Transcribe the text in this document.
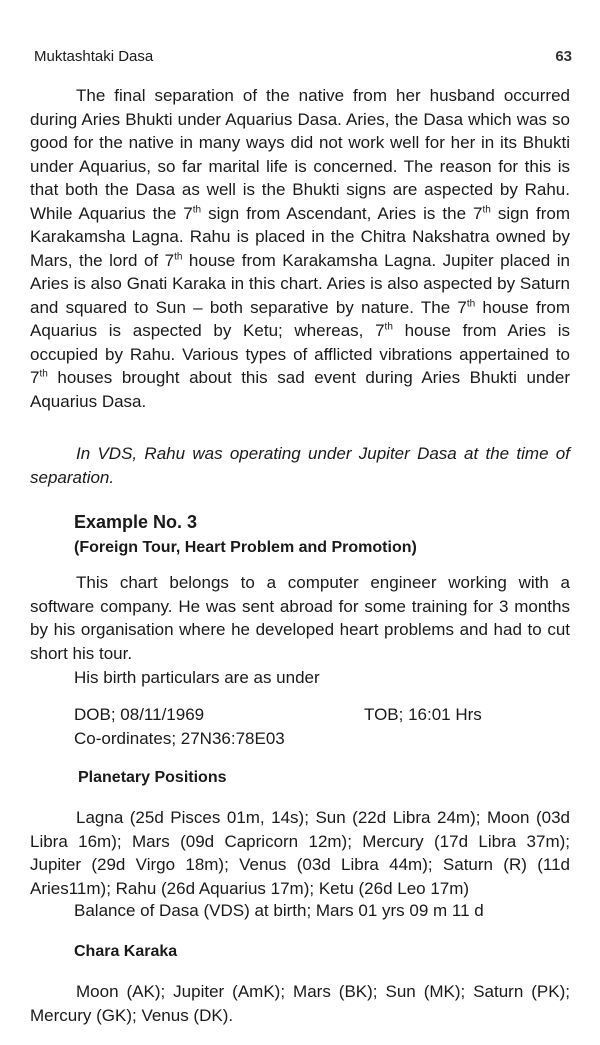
Muktashtaki Dasa	63

The final separation of the native from her husband occurred during Aries Bhukti under Aquarius Dasa. Aries, the Dasa which was so good for the native in many ways did not work well for her in its Bhukti under Aquarius, so far marital life is concerned. The reason for this is that both the Dasa as well is the Bhukti signs are aspected by Rahu. While Aquarius the 7th sign from Ascendant, Aries is the 7th sign from Karakamsha Lagna. Rahu is placed in the Chitra Nakshatra owned by Mars, the lord of 7th house from Karakamsha Lagna. Jupiter placed in Aries is also Gnati Karaka in this chart. Aries is also aspected by Saturn and squared to Sun – both separative by nature. The 7th house from Aquarius is aspected by Ketu; whereas, 7th house from Aries is occupied by Rahu. Various types of afflicted vibrations appertained to 7th houses brought about this sad event during Aries Bhukti under Aquarius Dasa.

In VDS, Rahu was operating under Jupiter Dasa at the time of separation.

Example No. 3
(Foreign Tour, Heart Problem and Promotion)

This chart belongs to a computer engineer working with a software company. He was sent abroad for some training for 3 months by his organisation where he developed heart problems and had to cut short his tour.

His birth particulars are as under
DOB; 08/11/1969	TOB; 16:01 Hrs
Co-ordinates; 27N36:78E03
Planetary Positions

Lagna (25d Pisces 01m, 14s); Sun (22d Libra 24m); Moon (03d Libra 16m); Mars (09d Capricorn 12m); Mercury (17d Libra 37m); Jupiter (29d Virgo 18m); Venus (03d Libra 44m); Saturn (R) (11d Aries11m); Rahu (26d Aquarius 17m); Ketu (26d Leo 17m)

Balance of Dasa (VDS) at birth; Mars 01 yrs 09 m 11 d
Chara Karaka

Moon (AK); Jupiter (AmK); Mars (BK); Sun (MK); Saturn (PK); Mercury (GK); Venus (DK).
